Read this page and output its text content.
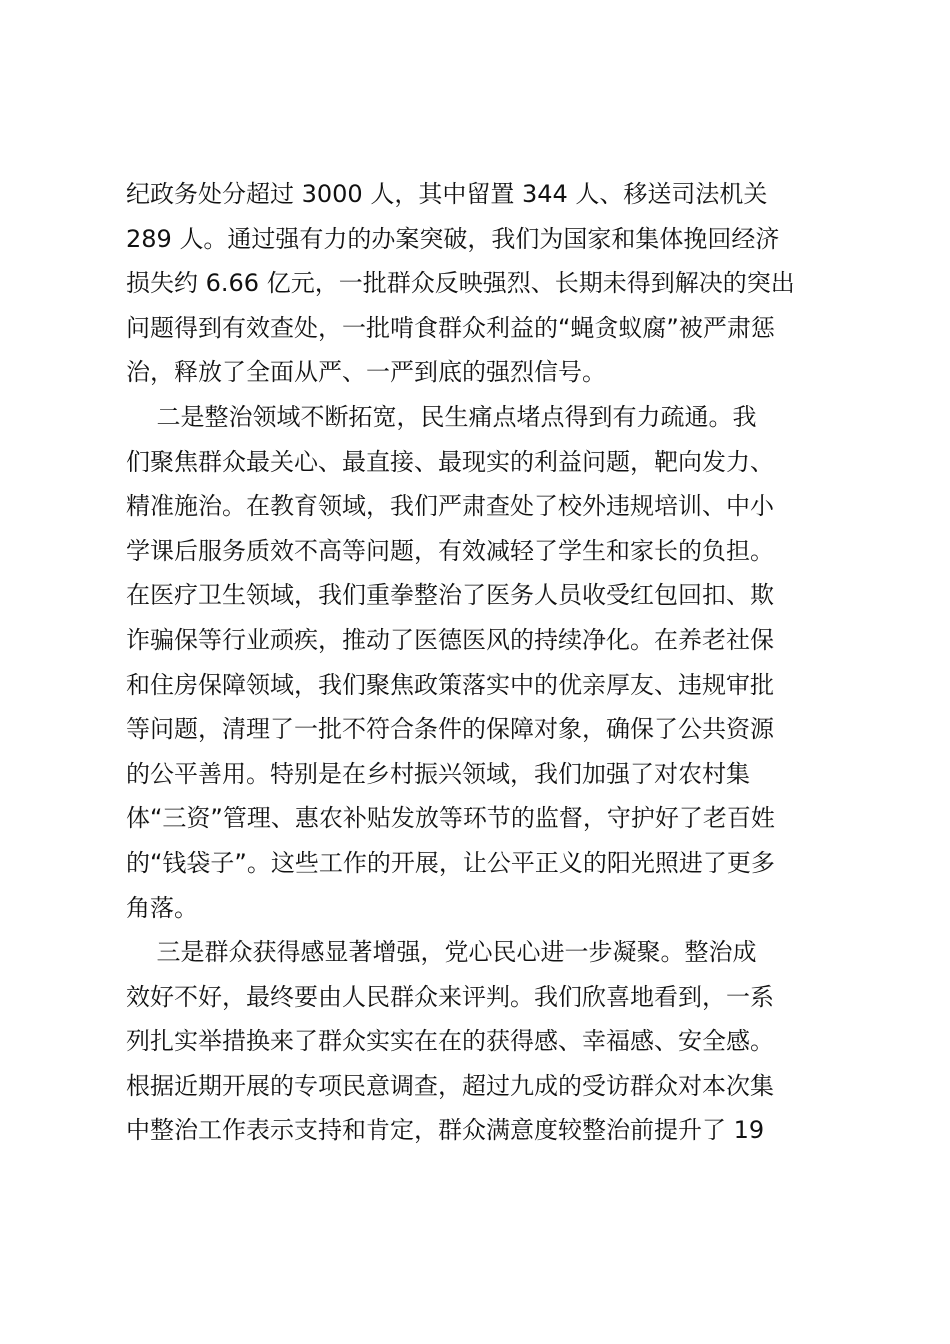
纪政务处分超过 3000 人，其中留置 344 人、移送司法机关
289 人。通过强有力的办案突破，我们为国家和集体挽回经济
损失约 6.66 亿元，一批群众反映强烈、长期未得到解决的突出
问题得到有效查处，一批啃食群众利益的“蝇贪蚁腐”被严肃惩
治，释放了全面从严、一严到底的强烈信号。
二是整治领域不断拓宽，民生痛点堵点得到有力疏通。我
们聚焦群众最关心、最直接、最现实的利益问题，靶向发力、
精准施治。在教育领域，我们严肃查处了校外违规培训、中小
学课后服务质效不高等问题，有效减轻了学生和家长的负担。
在医疗卫生领域，我们重拳整治了医务人员收受红包回扣、欺
诈骗保等行业顽疾，推动了医德医风的持续净化。在养老社保
和住房保障领域，我们聚焦政策落实中的优亲厚友、违规审批
等问题，清理了一批不符合条件的保障对象，确保了公共资源
的公平善用。特别是在乡村振兴领域，我们加强了对农村集
体“三资”管理、惠农补贴发放等环节的监督，守护好了老百姓
的“钱袋子”。这些工作的开展，让公平正义的阳光照进了更多
角落。
三是群众获得感显著增强，党心民心进一步凝聚。整治成
效好不好，最终要由人民群众来评判。我们欣喜地看到，一系
列扎实举措换来了群众实实在在的获得感、幸福感、安全感。
根据近期开展的专项民意调查，超过九成的受访群众对本次集
中整治工作表示支持和肯定，群众满意度较整治前提升了 19
